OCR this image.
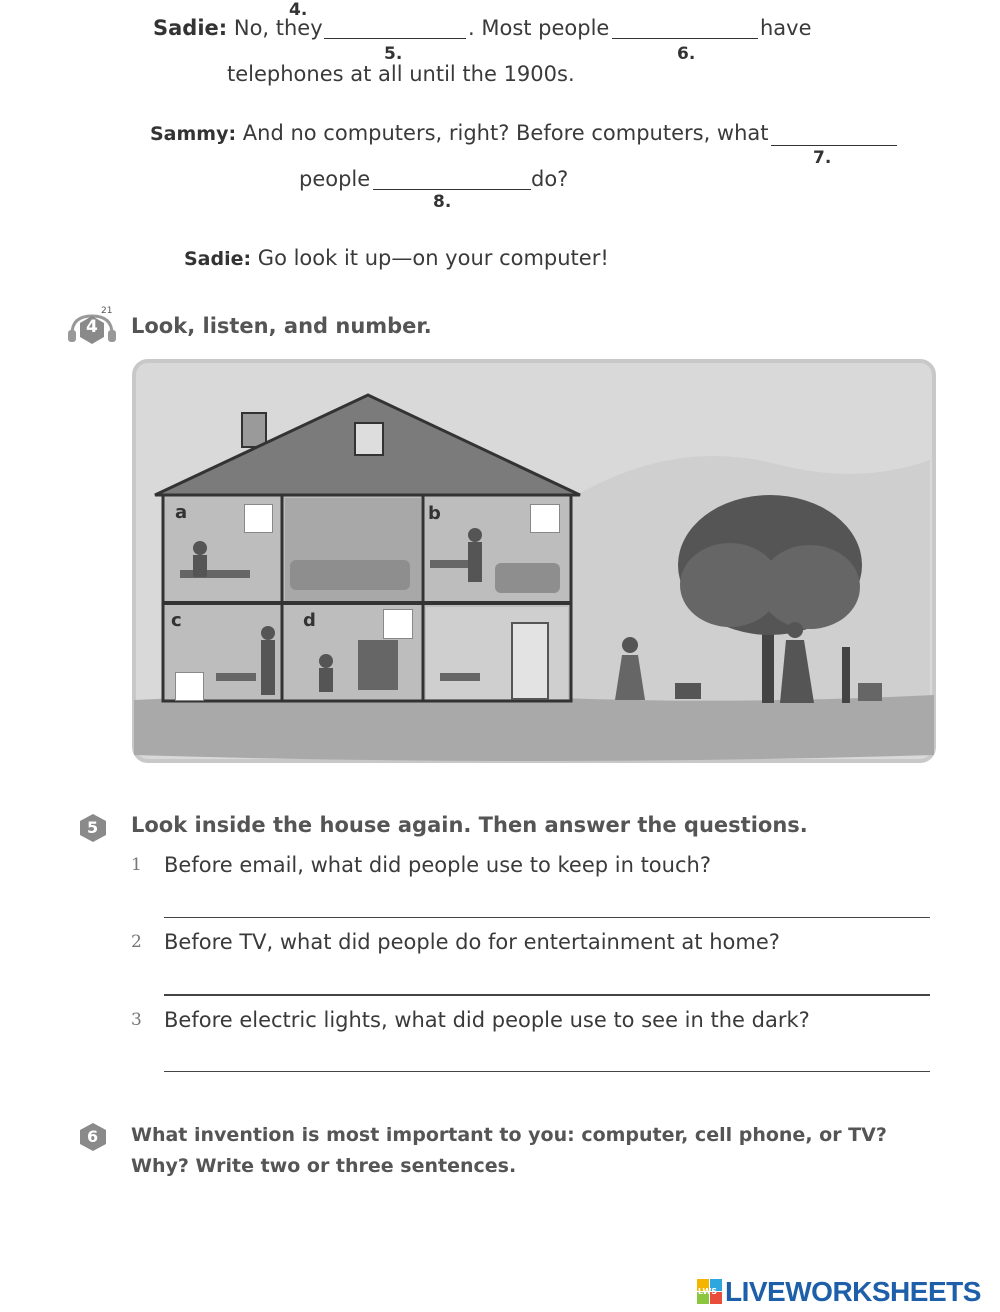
4.
Sadie: No, they	. Most people	have
5.	6.
telephones at all until the 1900s.
Sammy: And no computers, right? Before computers, what
7.
people	do?
8.
Sadie: Go look it up—on your computer!
4
21
Look, listen, and number.
a	b
c	d
5 Look inside the house again. Then answer the questions.
1 Before email, what did people use to keep in touch?
2 Before TV, what did people do for entertainment at home?
3 Before electric lights, what did people use to see in the dark?
6 What invention is most important to you: computer, cell phone, or TV?
Why? Write two or three sentences.
LWS LIVEWORKSHEETS
